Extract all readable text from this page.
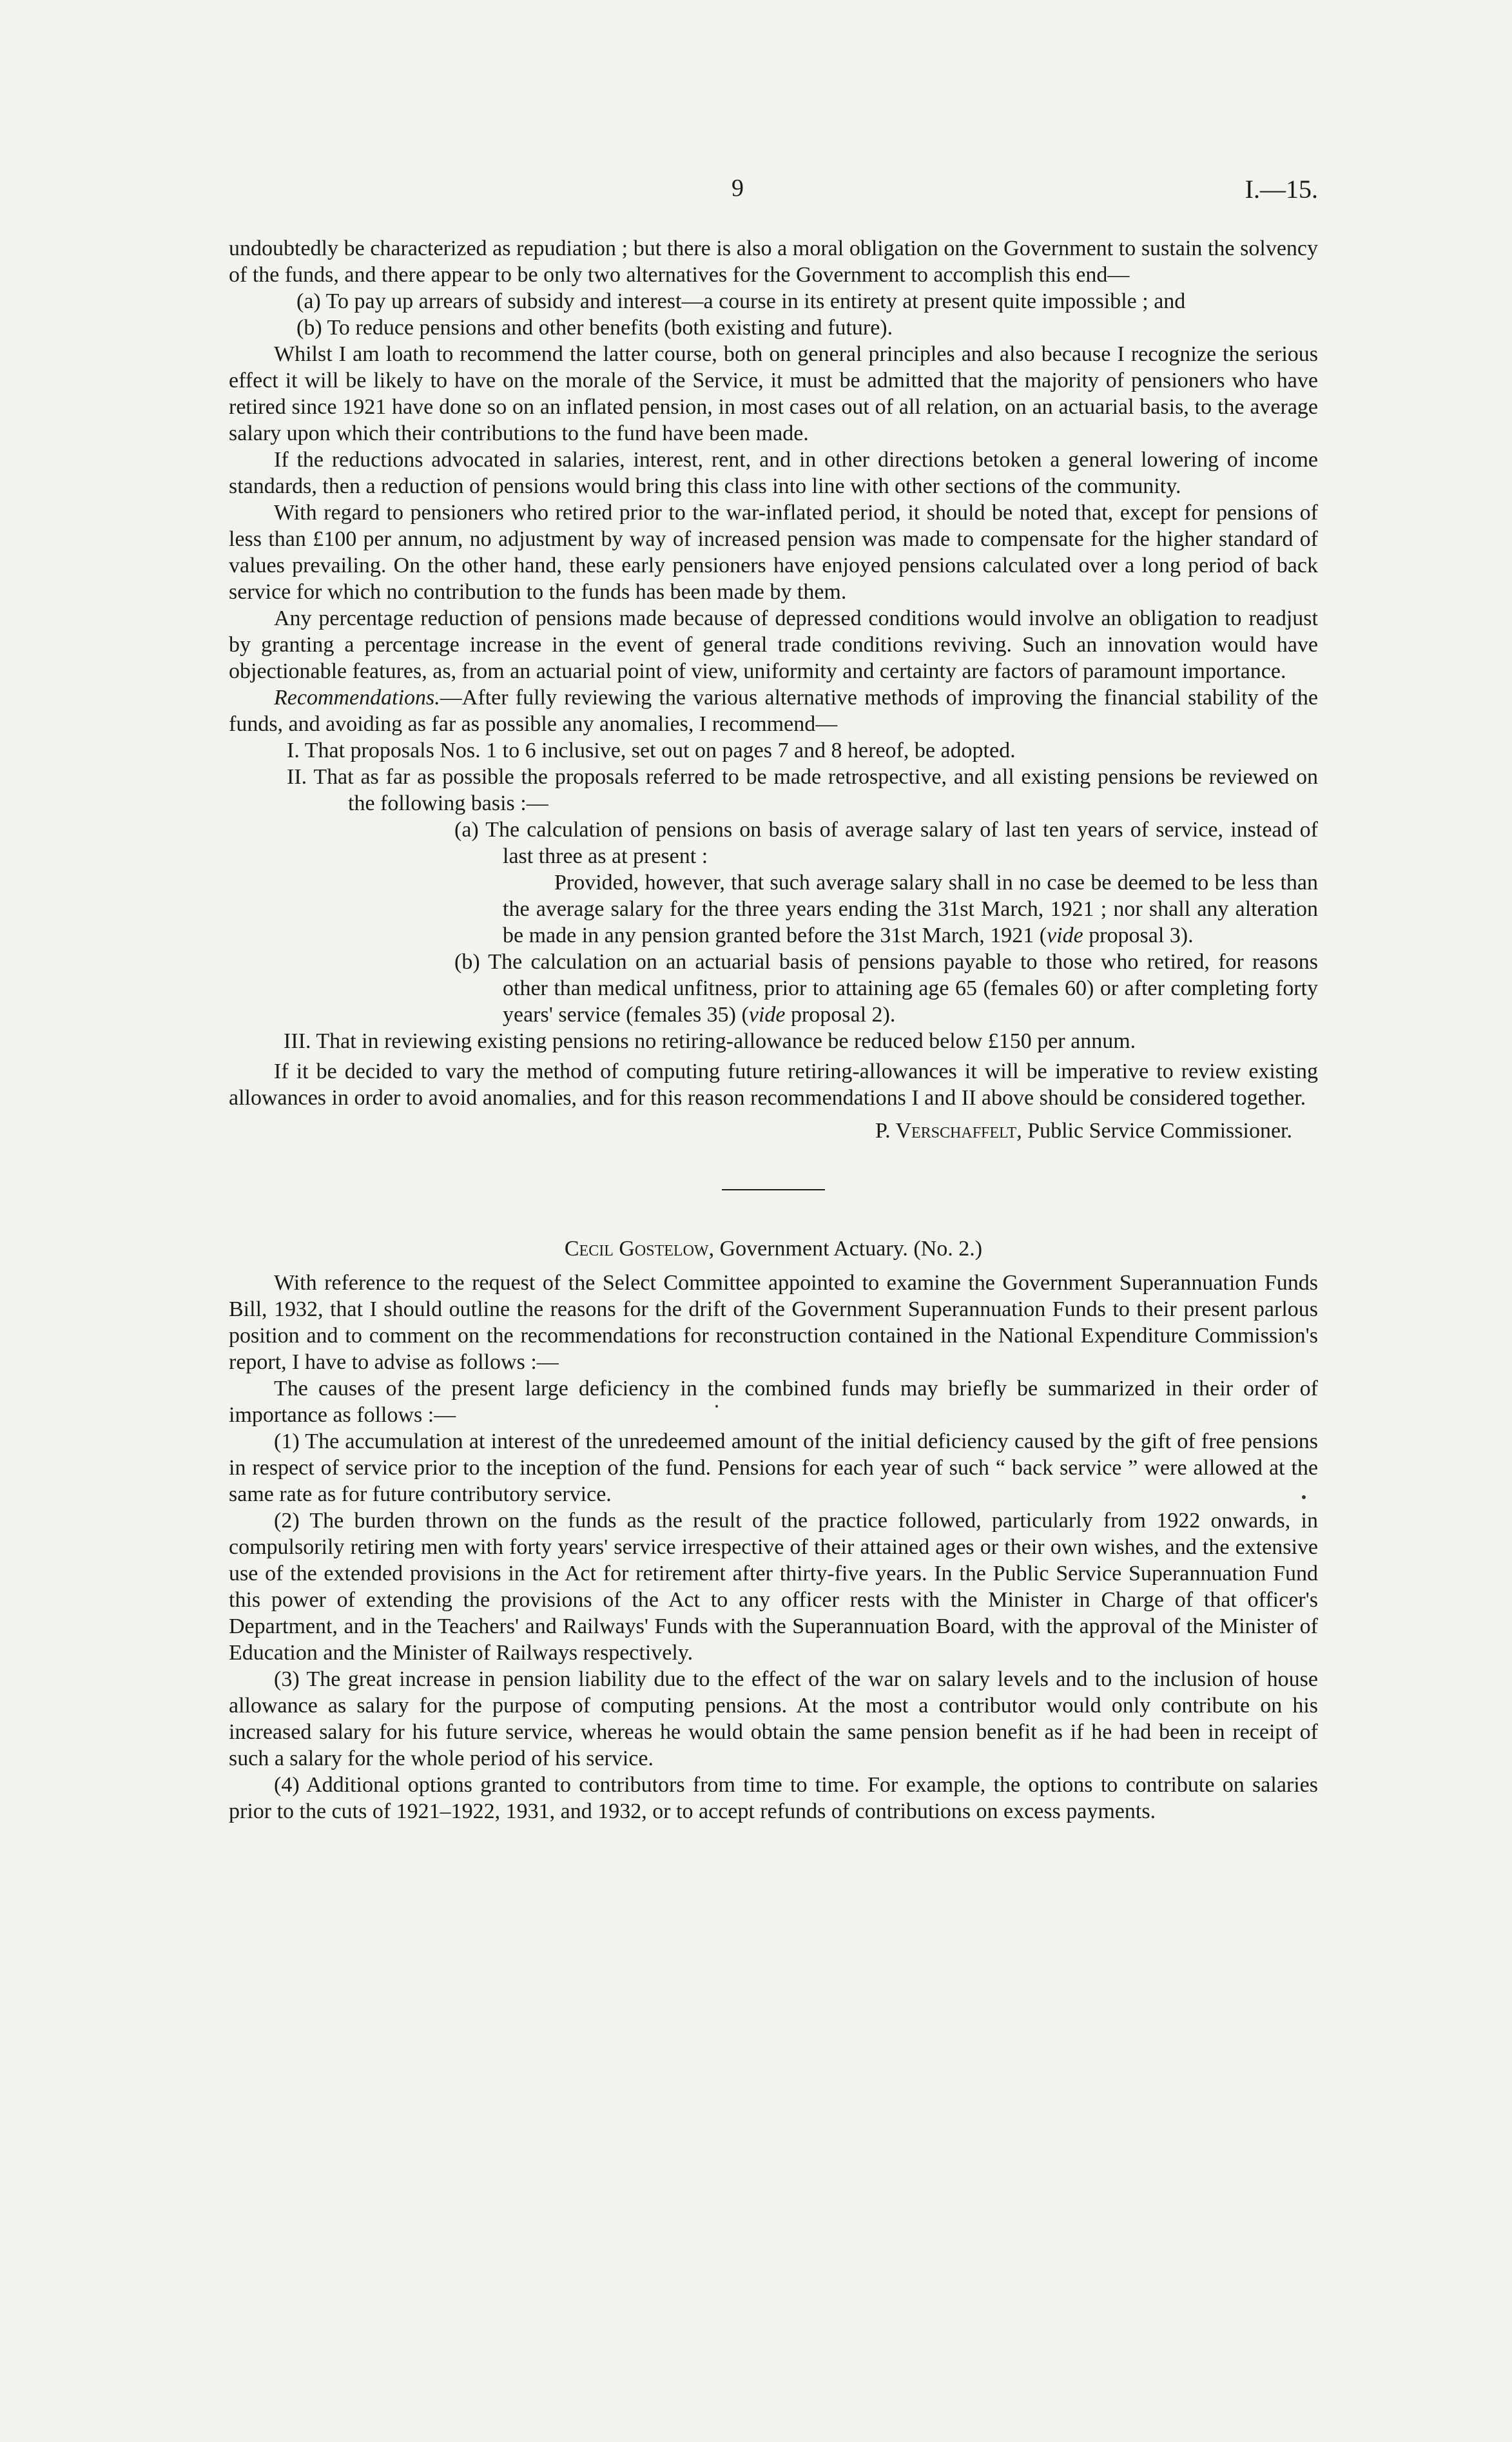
9	I.—15.

undoubtedly be characterized as repudiation ; but there is also a moral obligation on the Government to sustain the solvency of the funds, and there appear to be only two alternatives for the Government to accomplish this end—

(a) To pay up arrears of subsidy and interest—a course in its entirety at present quite impossible ; and

(b) To reduce pensions and other benefits (both existing and future).

Whilst I am loath to recommend the latter course, both on general principles and also because I recognize the serious effect it will be likely to have on the morale of the Service, it must be admitted that the majority of pensioners who have retired since 1921 have done so on an inflated pension, in most cases out of all relation, on an actuarial basis, to the average salary upon which their contributions to the fund have been made.

If the reductions advocated in salaries, interest, rent, and in other directions betoken a general lowering of income standards, then a reduction of pensions would bring this class into line with other sections of the community.

With regard to pensioners who retired prior to the war-inflated period, it should be noted that, except for pensions of less than £100 per annum, no adjustment by way of increased pension was made to compensate for the higher standard of values prevailing. On the other hand, these early pensioners have enjoyed pensions calculated over a long period of back service for which no contribution to the funds has been made by them.

Any percentage reduction of pensions made because of depressed conditions would involve an obligation to readjust by granting a percentage increase in the event of general trade conditions reviving. Such an innovation would have objectionable features, as, from an actuarial point of view, uniformity and certainty are factors of paramount importance.

Recommendations.—After fully reviewing the various alternative methods of improving the financial stability of the funds, and avoiding as far as possible any anomalies, I recommend—

I. That proposals Nos. 1 to 6 inclusive, set out on pages 7 and 8 hereof, be adopted.

II. That as far as possible the proposals referred to be made retrospective, and all existing pensions be reviewed on the following basis :—

(a) The calculation of pensions on basis of average salary of last ten years of service, instead of last three as at present :

Provided, however, that such average salary shall in no case be deemed to be less than the average salary for the three years ending the 31st March, 1921 ; nor shall any alteration be made in any pension granted before the 31st March, 1921 (vide proposal 3).

(b) The calculation on an actuarial basis of pensions payable to those who retired, for reasons other than medical unfitness, prior to attaining age 65 (females 60) or after completing forty years' service (females 35) (vide proposal 2).

III. That in reviewing existing pensions no retiring-allowance be reduced below £150 per annum.

If it be decided to vary the method of computing future retiring-allowances it will be imperative to review existing allowances in order to avoid anomalies, and for this reason recommendations I and II above should be considered together.

P. Verschaffelt, Public Service Commissioner.

Cecil Gostelow, Government Actuary. (No. 2.)

With reference to the request of the Select Committee appointed to examine the Government Superannuation Funds Bill, 1932, that I should outline the reasons for the drift of the Government Superannuation Funds to their present parlous position and to comment on the recommendations for reconstruction contained in the National Expenditure Commission's report, I have to advise as follows :—

The causes of the present large deficiency in the combined funds may briefly be summarized in their order of importance as follows :—

(1) The accumulation at interest of the unredeemed amount of the initial deficiency caused by the gift of free pensions in respect of service prior to the inception of the fund. Pensions for each year of such “ back service ” were allowed at the same rate as for future contributory service.

(2) The burden thrown on the funds as the result of the practice followed, particularly from 1922 onwards, in compulsorily retiring men with forty years' service irrespective of their attained ages or their own wishes, and the extensive use of the extended provisions in the Act for retirement after thirty-five years. In the Public Service Superannuation Fund this power of extending the provisions of the Act to any officer rests with the Minister in Charge of that officer's Department, and in the Teachers' and Railways' Funds with the Superannuation Board, with the approval of the Minister of Education and the Minister of Railways respectively.

(3) The great increase in pension liability due to the effect of the war on salary levels and to the inclusion of house allowance as salary for the purpose of computing pensions. At the most a contributor would only contribute on his increased salary for his future service, whereas he would obtain the same pension benefit as if he had been in receipt of such a salary for the whole period of his service.

(4) Additional options granted to contributors from time to time. For example, the options to contribute on salaries prior to the cuts of 1921–1922, 1931, and 1932, or to accept refunds of contributions on excess payments.
